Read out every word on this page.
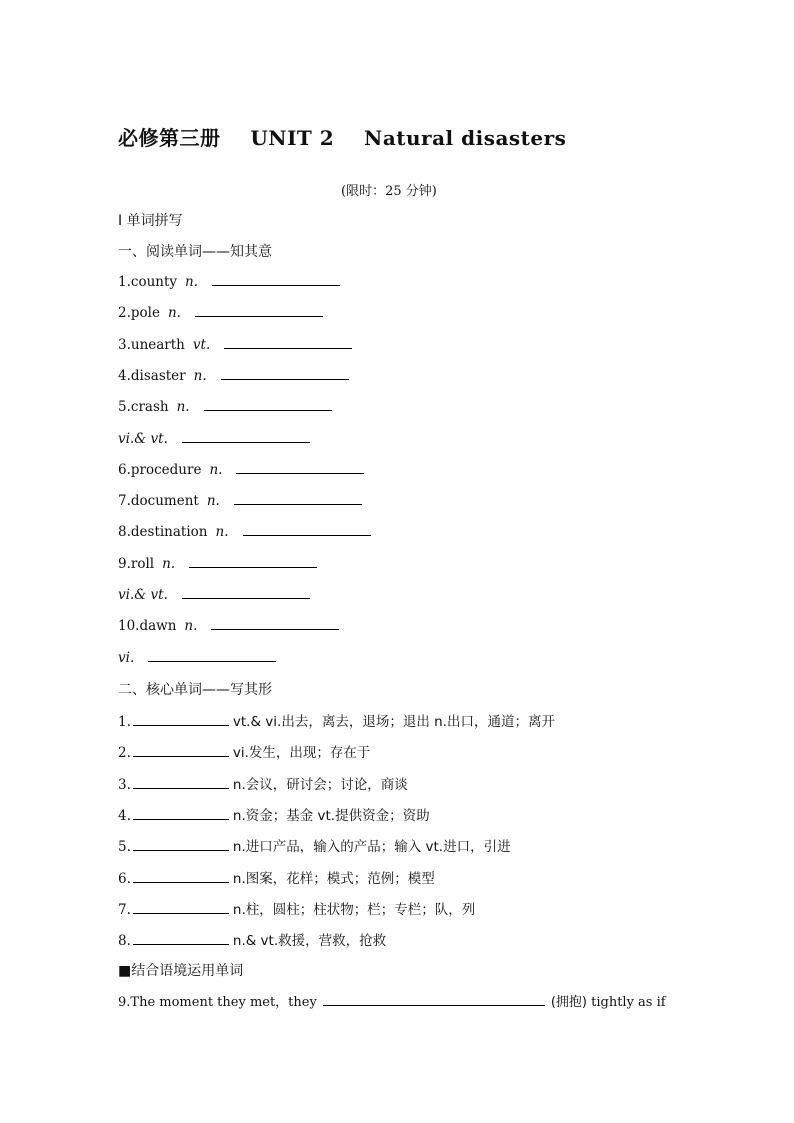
必修第三册    UNIT 2    Natural disasters
(限时：25 分钟)
Ⅰ 单词拼写
一、阅读单词——知其意
1.county n.
2.pole n.
3.unearth vt.
4.disaster n.
5.crash n.
vi.& vt.
6.procedure n.
7.document n.
8.destination n.
9.roll n.
vi.& vt.
10.dawn n.
vi.
二、核心单词——写其形
1.	vt.& vi.出去，离去，退场；退出 n.出口，通道；离开
2.	vi.发生，出现；存在于
3.	n.会议，研讨会；讨论，商谈
4.	n.资金；基金 vt.提供资金；资助
5.	n.进口产品，输入的产品；输入 vt.进口，引进
6.	n.图案，花样；模式；范例；模型
7.	n.柱，圆柱；柱状物；栏；专栏；队，列
8.	n.& vt.救援，营救，抢救
■结合语境运用单词
9.The moment they met，they	(拥抱) tightly as if
